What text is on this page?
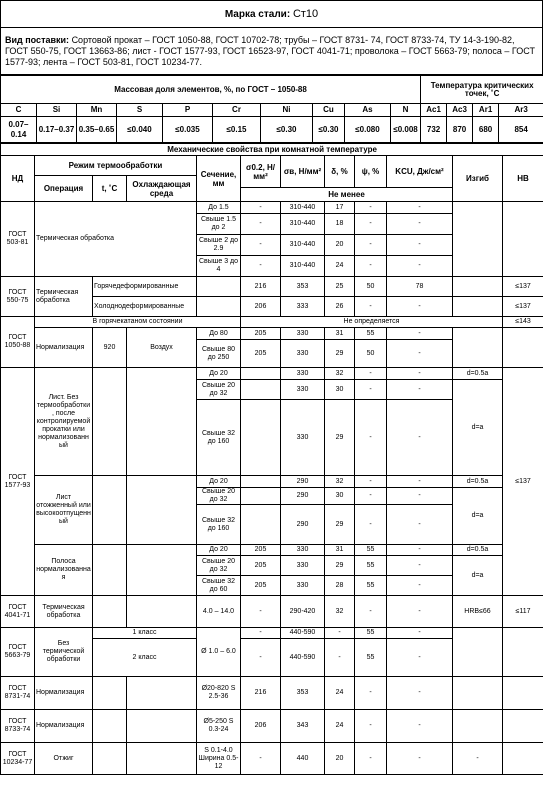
Марка стали: Ст10
Вид поставки: Сортовой прокат – ГОСТ 1050-88, ГОСТ 10702-78; трубы – ГОСТ 8731- 74, ГОСТ 8733-74, ТУ 14-3-190-82, ГОСТ 550-75, ГОСТ 13663-86; лист - ГОСТ 1577-93, ГОСТ 16523-97, ГОСТ 4041-71; проволока – ГОСТ 5663-79; полоса – ГОСТ 1577-93; лента – ГОСТ 503-81, ГОСТ 10234-77.
Массовая доля элементов, %, по ГОСТ – 1050-88										Температура критических точек, ˚С			
C	Si	Mn	S	P	Cr	Ni	Cu	As	N	Ac1	Ac3	Ar1	Ar3
0.07–0.14	0.17–0.37	0.35–0.65	≤0.040	≤0.035	≤0.15	≤0.30	≤0.30	≤0.080	≤0.008	732	870	680	854
Механические свойства при комнатной температуре											
НД	Режим термообработки			Сечение, мм	σ0.2, Н/мм²	σв, Н/мм²	δ, %	ψ, %	KCU, Дж/см²	Изгиб	НВ
	Операция	t, ˚С	Охлаждающая среда								
					Не менее						
ГОСТ 503-81	Термическая обработка			До 1.5	-	310-440	17	-	-		
				Свыше 1.5 до 2	-	310-440	18	-	-		
				Свыше 2 до 2.9	-	310-440	20	-	-		
				Свыше 3 до 4	-	310-440	24	-	-		
ГОСТ 550-75	Термическая обработка	Горячедеформированные			216	353	25	50	78		≤137
		Холоднодеформированные			206	333	26	-	-		≤137
ГОСТ 1050-88	В горячекатаном состоянии				Не определяется						≤143
	Нормализация	920	Воздух	До 80	205	330	31	55	-		
				Свыше 80 до 250	205	330	29	50	-		
ГОСТ 1577-93	Лист. Без термообработки, после контролируемой прокатки или нормализованный			До 20		330	32	-	-	d=0.5a	≤137
				Свыше 20 до 32		330	30	-	-	d=a	
				Свыше 32 до 160		330	29	-	-		
	Лист отожженный или высокоотпущенный			До 20		290	32	-	-	d=0.5a	
				Свыше 20 до 32		290	30	-	-	d=a	
				Свыше 32 до 160		290	29	-	-		
	Полоса нормализованная			До 20	205	330	31	55	-	d=0.5a	
				Свыше 20 до 32	205	330	29	55	-	d=a	
				Свыше 32 до 60	205	330	28	55	-		
ГОСТ 4041-71	Термическая обработка			4.0 – 14.0	-	290-420	32	-	-	HRB≤66	≤117
ГОСТ 5663-79	Без термической обработки	1 класс		Ø 1.0 – 6.0	-	440-590	-	55	-		
		2 класс			-	440-590	-	55	-		
ГОСТ 8731-74	Нормализация			Ø20-820 S 2.5-36	216	353	24	-	-		
ГОСТ 8733-74	Нормализация			Ø5-250 S 0.3-24	206	343	24	-	-		
ГОСТ 10234-77	Отжиг			S 0.1-4.0 Ширина 0.5-12	-	440	20	-	-	-	
